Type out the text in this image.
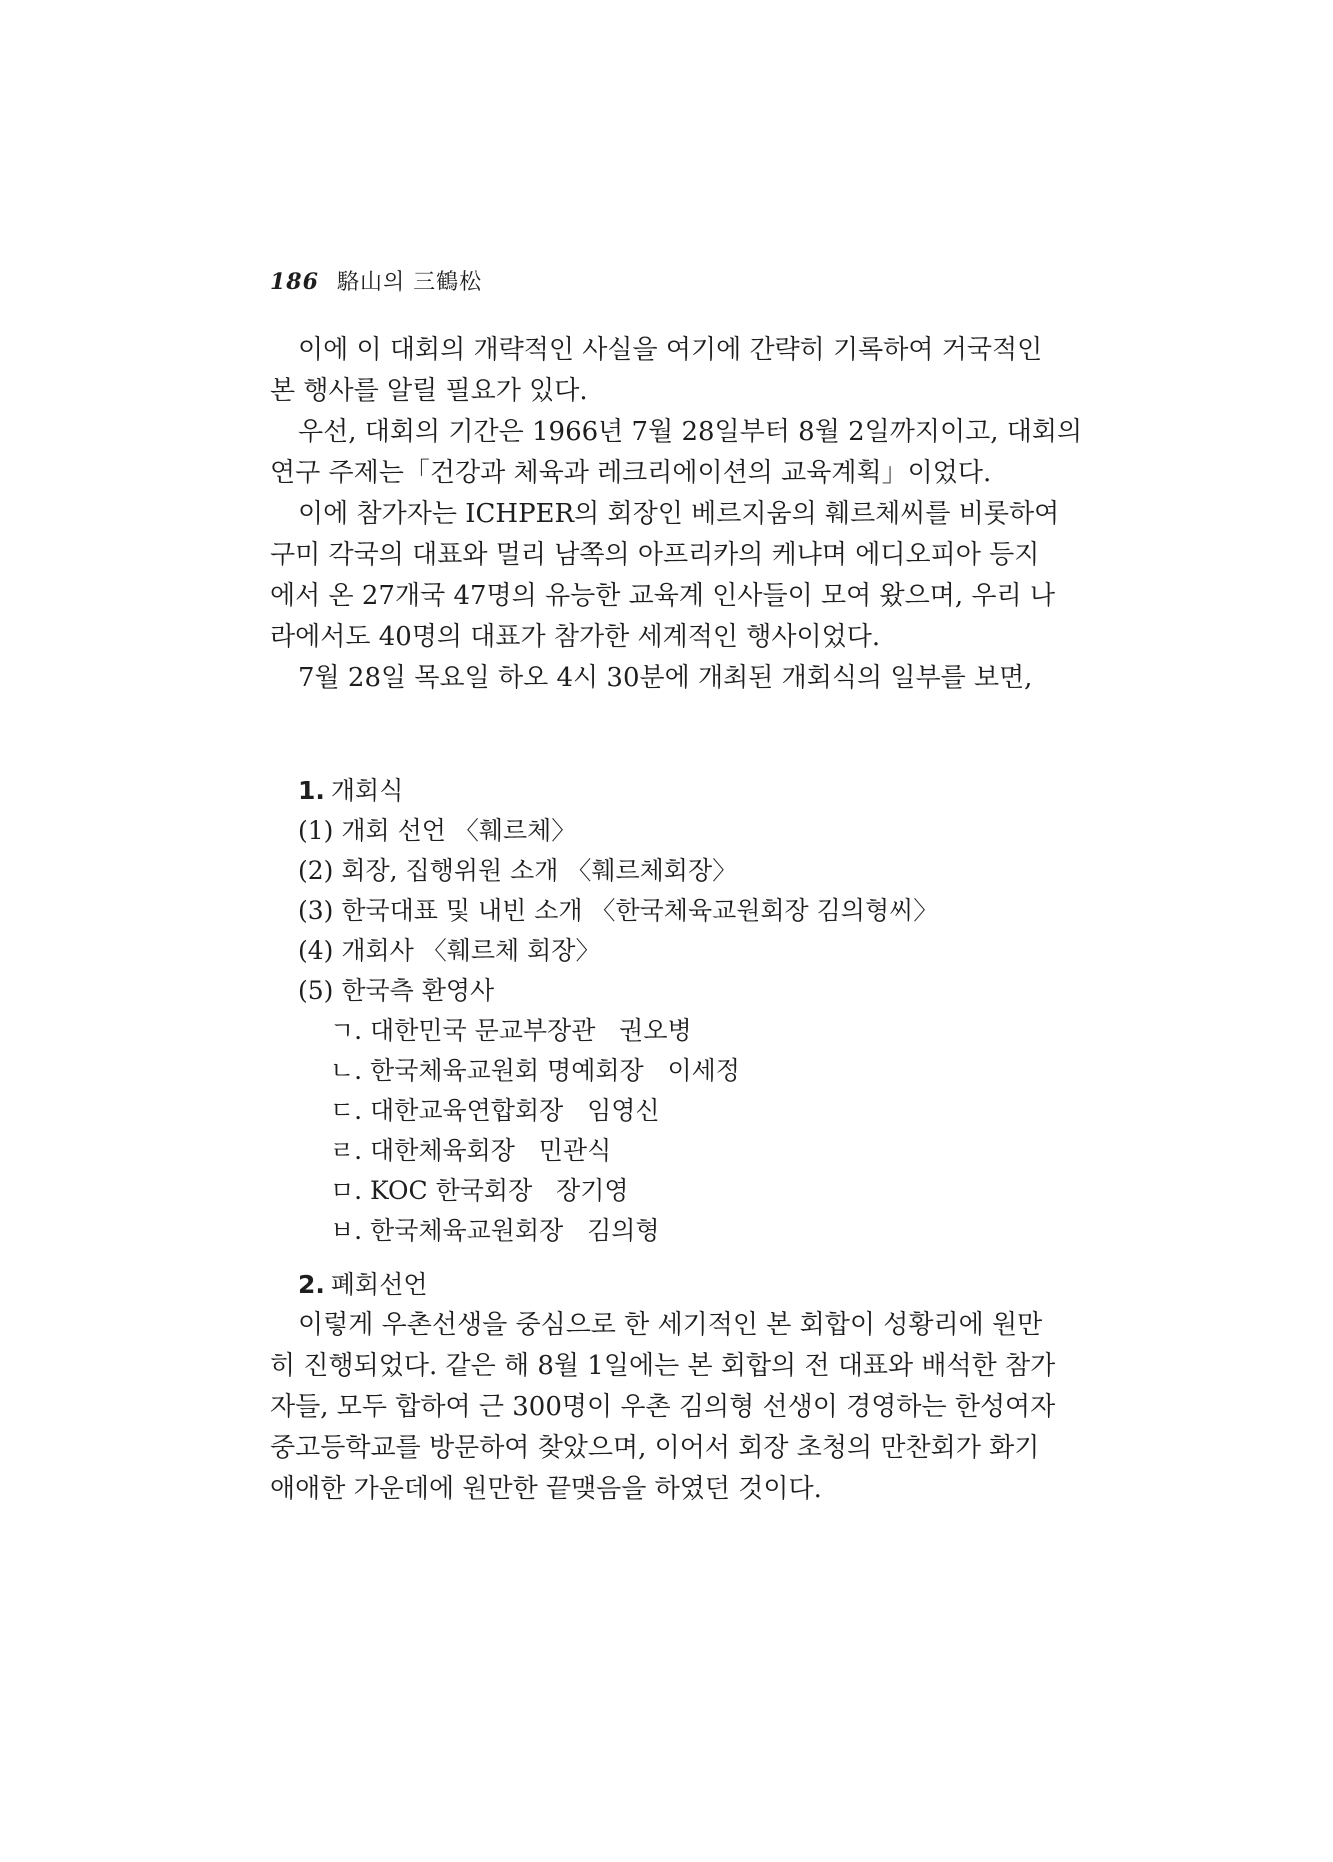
186 駱山의 三鶴松

이에 이 대회의 개략적인 사실을 여기에 간략히 기록하여 거국적인
본 행사를 알릴 필요가 있다.

우선, 대회의 기간은 1966년 7월 28일부터 8월 2일까지이고, 대회의
연구 주제는「건강과 체육과 레크리에이션의 교육계획」이었다.

이에 참가자는 ICHPER의 회장인 베르지움의 훼르체씨를 비롯하여
구미 각국의 대표와 멀리 남쪽의 아프리카의 케냐며 에디오피아 등지
에서 온 27개국 47명의 유능한 교육계 인사들이 모여 왔으며, 우리 나
라에서도 40명의 대표가 참가한 세계적인 행사이었다.

7월 28일 목요일 하오 4시 30분에 개최된 개회식의 일부를 보면,

1. 개회식
(1) 개회 선언 〈훼르체〉
(2) 회장, 집행위원 소개 〈훼르체회장〉
(3) 한국대표 및 내빈 소개 〈한국체육교원회장 김의형씨〉
(4) 개회사 〈훼르체 회장〉
(5) 한국측 환영사
ㄱ. 대한민국 문교부장관   권오병
ㄴ. 한국체육교원회 명예회장   이세정
ㄷ. 대한교육연합회장   임영신
ㄹ. 대한체육회장   민관식
ㅁ. KOC 한국회장   장기영
ㅂ. 한국체육교원회장   김의형
2. 폐회선언

이렇게 우촌선생을 중심으로 한 세기적인 본 회합이 성황리에 원만
히 진행되었다. 같은 해 8월 1일에는 본 회합의 전 대표와 배석한 참가
자들, 모두 합하여 근 300명이 우촌 김의형 선생이 경영하는 한성여자
중고등학교를 방문하여 찾았으며, 이어서 회장 초청의 만찬회가 화기
애애한 가운데에 원만한 끝맺음을 하였던 것이다.
